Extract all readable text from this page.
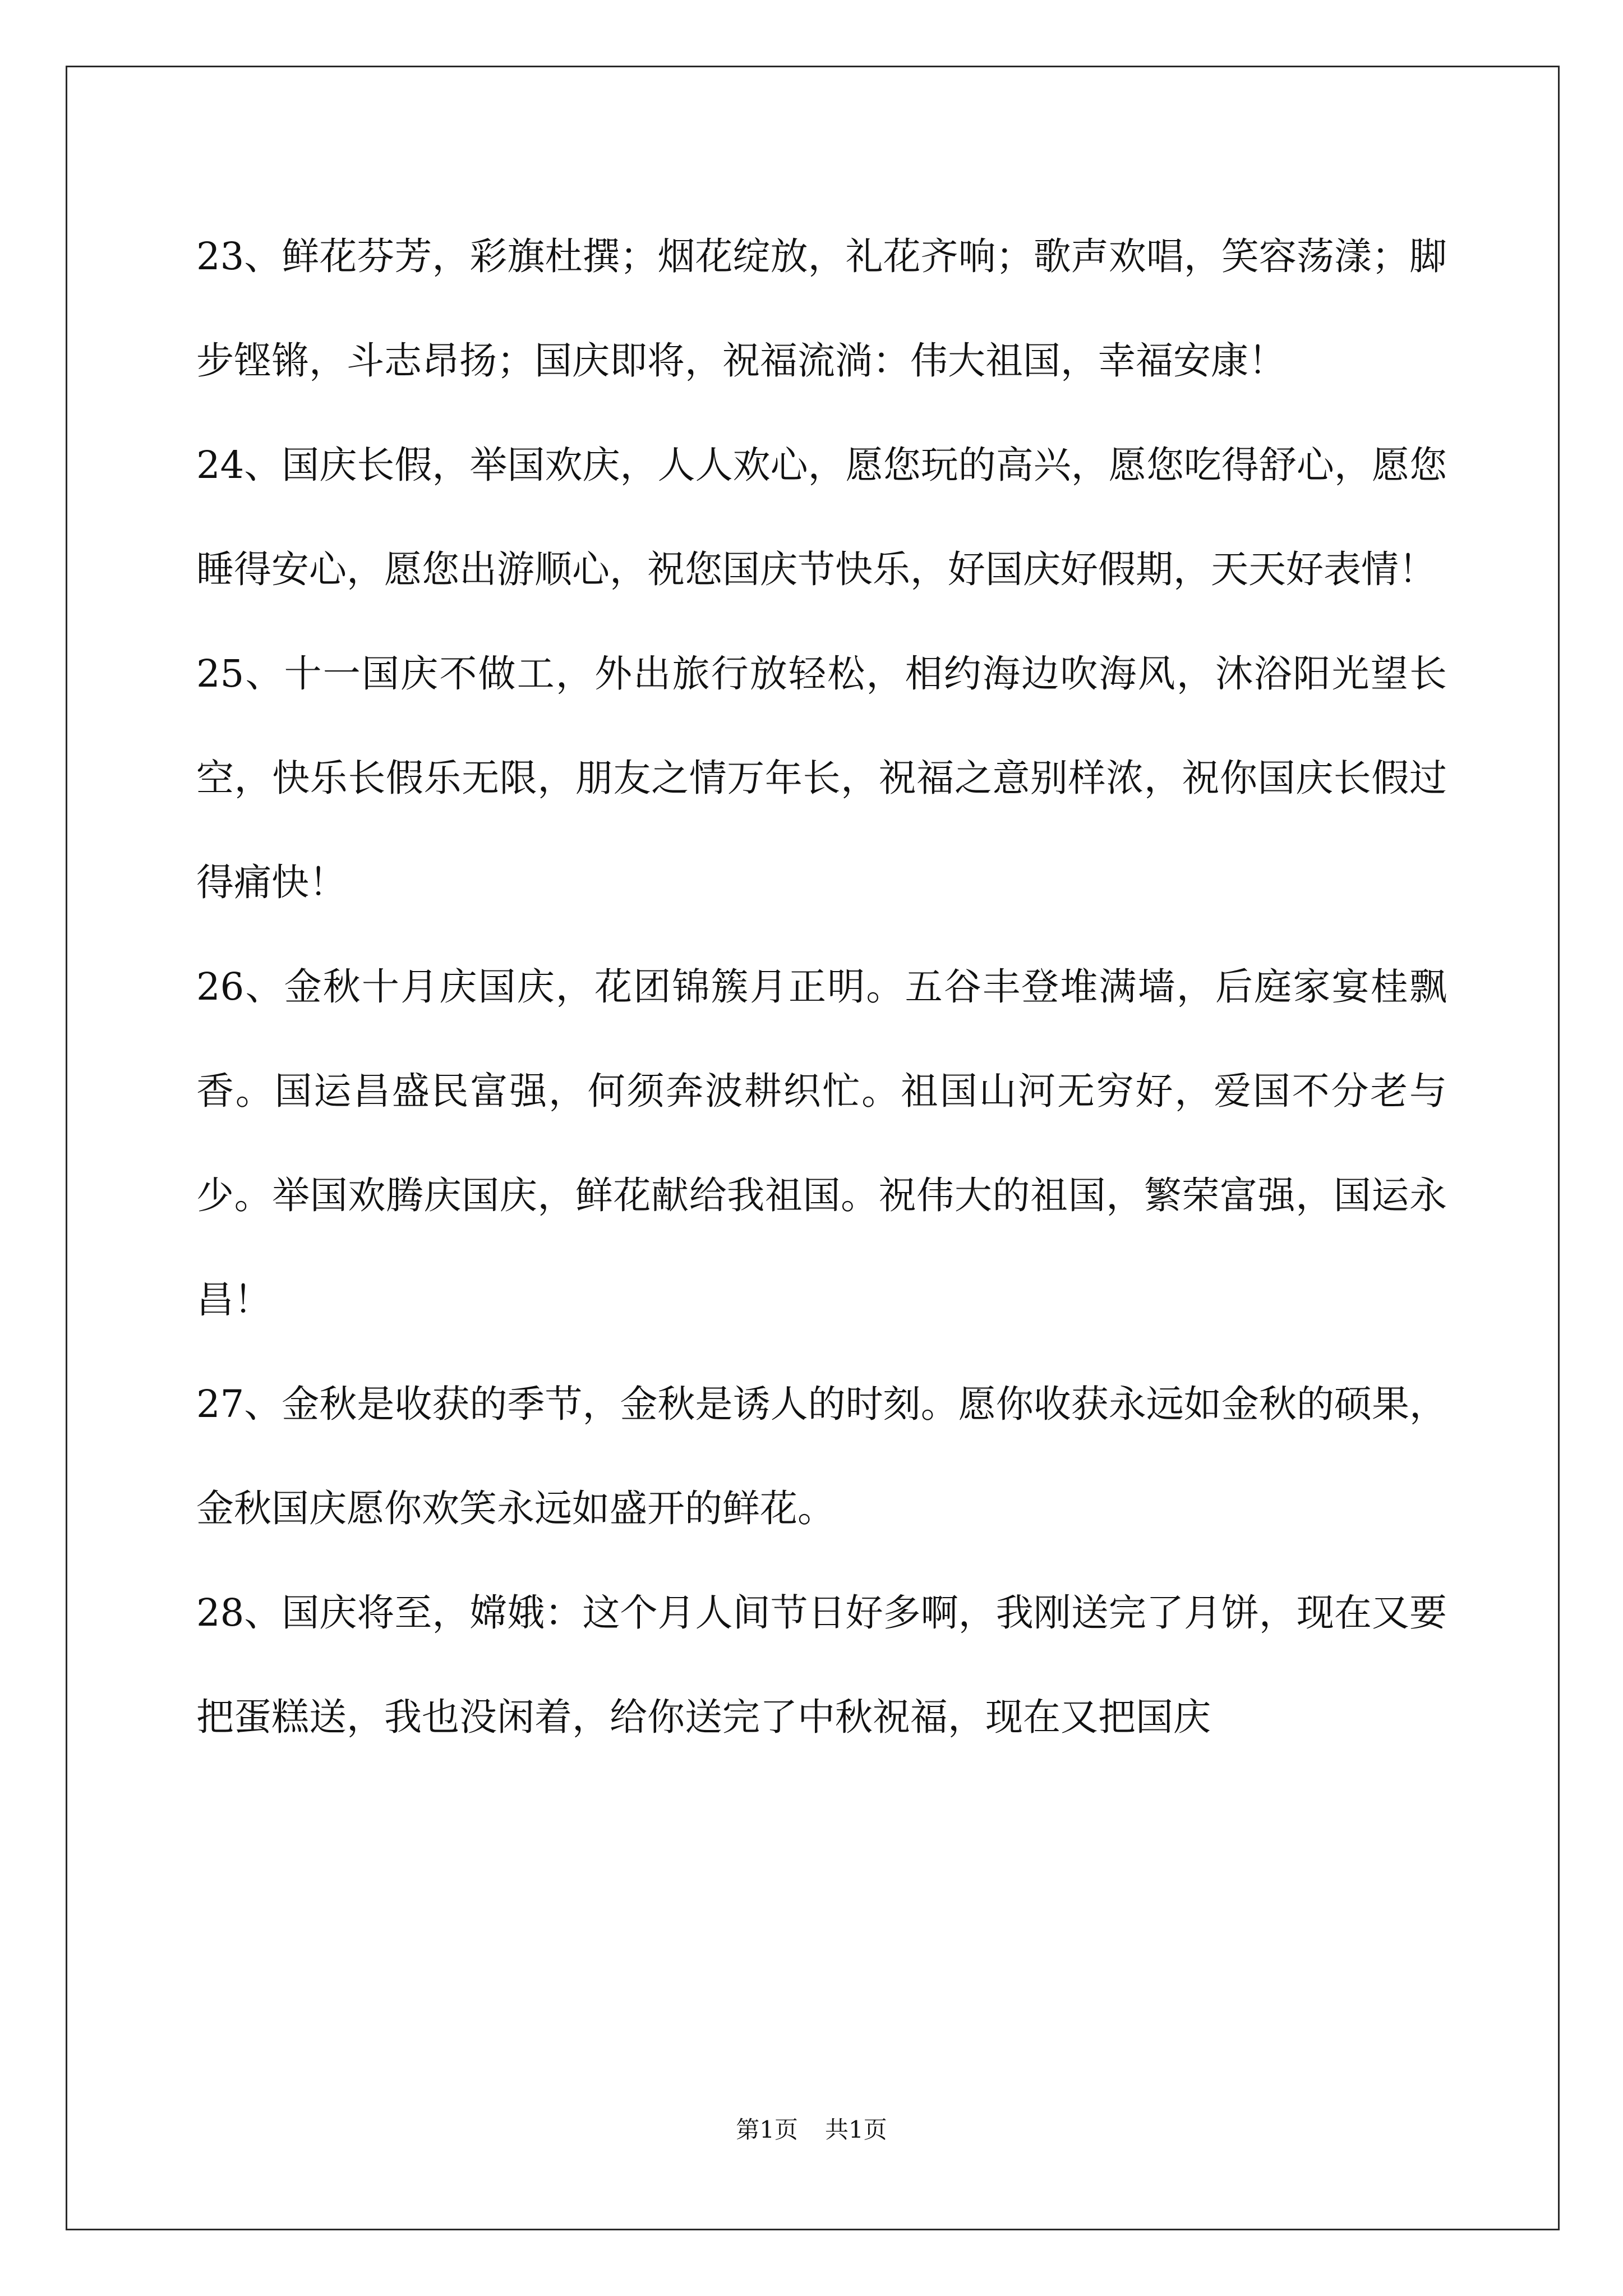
23、鲜花芬芳，彩旗杜撰；烟花绽放，礼花齐响；歌声欢唱，笑容荡漾；脚步铿锵，斗志昂扬；国庆即将，祝福流淌：伟大祖国，幸福安康！

24、国庆长假，举国欢庆，人人欢心，愿您玩的高兴，愿您吃得舒心，愿您睡得安心，愿您出游顺心，祝您国庆节快乐，好国庆好假期，天天好表情！

25、十一国庆不做工，外出旅行放轻松，相约海边吹海风，沐浴阳光望长空，快乐长假乐无限，朋友之情万年长，祝福之意别样浓，祝你国庆长假过得痛快！

26、金秋十月庆国庆，花团锦簇月正明。五谷丰登堆满墙，后庭家宴桂飘香。国运昌盛民富强，何须奔波耕织忙。祖国山河无穷好，爱国不分老与少。举国欢腾庆国庆，鲜花献给我祖国。祝伟大的祖国，繁荣富强，国运永昌！

27、金秋是收获的季节，金秋是诱人的时刻。愿你收获永远如金秋的硕果，金秋国庆愿你欢笑永远如盛开的鲜花。

28、国庆将至，嫦娥：这个月人间节日好多啊，我刚送完了月饼，现在又要把蛋糕送，我也没闲着，给你送完了中秋祝福，现在又把国庆

第1页 共1页
